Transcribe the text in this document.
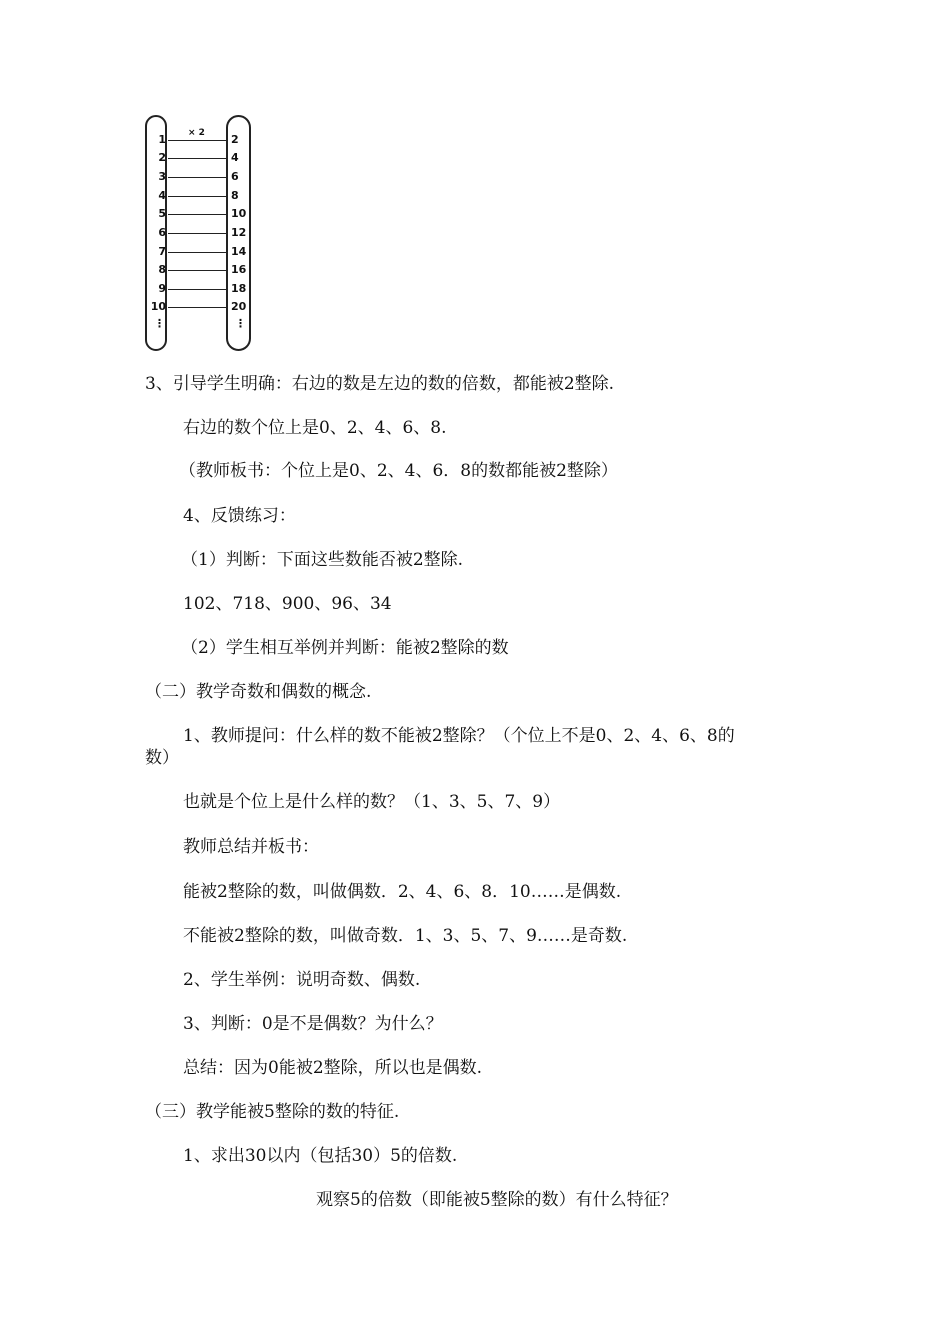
× 2
1	2
2	4
3	6
4	8
5	10
6	12
7	14
8	16
9	18
10	20
⋮	⋮
3、引导学生明确：右边的数是左边的数的倍数，都能被2整除.
右边的数个位上是0、2、4、6、8.
（教师板书：个位上是0、2、4、6．8的数都能被2整除）
4、反馈练习：
（1）判断：下面这些数能否被2整除.
102、718、900、96、34
（2）学生相互举例并判断：能被2整除的数
（二）教学奇数和偶数的概念.
1、教师提问：什么样的数不能被2整除？（个位上不是0、2、4、6、8的
数）
也就是个位上是什么样的数？（1、3、5、7、9）
教师总结并板书：
能被2整除的数，叫做偶数．2、4、6、8．10……是偶数.
不能被2整除的数，叫做奇数．1、3、5、7、9……是奇数.
2、学生举例：说明奇数、偶数.
3、判断：0是不是偶数？为什么？
总结：因为0能被2整除，所以也是偶数.
（三）教学能被5整除的数的特征.
1、求出30以内（包括30）5的倍数.
观察5的倍数（即能被5整除的数）有什么特征？
